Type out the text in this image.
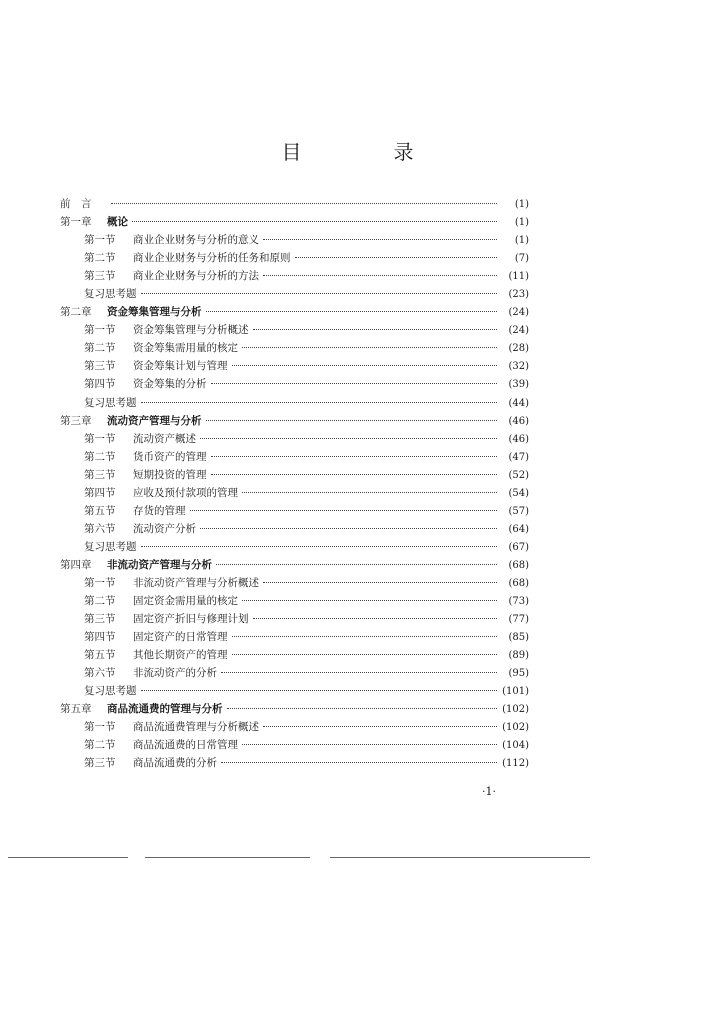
目　录
前　言	(1)
第一章	概论	(1)
第一节	商业企业财务与分析的意义	(1)
第二节	商业企业财务与分析的任务和原则	(7)
第三节	商业企业财务与分析的方法	(11)
复习思考题	(23)
第二章	资金筹集管理与分析	(24)
第一节	资金筹集管理与分析概述	(24)
第二节	资金筹集需用量的核定	(28)
第三节	资金筹集计划与管理	(32)
第四节	资金筹集的分析	(39)
复习思考题	(44)
第三章	流动资产管理与分析	(46)
第一节	流动资产概述	(46)
第二节	货币资产的管理	(47)
第三节	短期投资的管理	(52)
第四节	应收及预付款项的管理	(54)
第五节	存货的管理	(57)
第六节	流动资产分析	(64)
复习思考题	(67)
第四章	非流动资产管理与分析	(68)
第一节	非流动资产管理与分析概述	(68)
第二节	固定资金需用量的核定	(73)
第三节	固定资产折旧与修理计划	(77)
第四节	固定资产的日常管理	(85)
第五节	其他长期资产的管理	(89)
第六节	非流动资产的分析	(95)
复习思考题	(101)
第五章	商品流通费的管理与分析	(102)
第一节	商品流通费管理与分析概述	(102)
第二节	商品流通费的日常管理	(104)
第三节	商品流通费的分析	(112)
·1·
